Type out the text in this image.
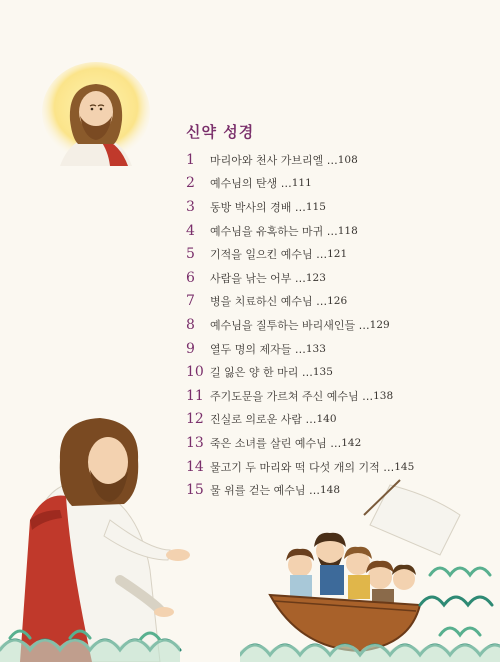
신약 성경
1	마리아와 천사 가브리엘 … 108
2	예수님의 탄생 … 111
3	동방 박사의 경배 … 115
4	예수님을 유혹하는 마귀 … 118
5	기적을 일으킨 예수님 … 121
6	사람을 낚는 어부 … 123
7	병을 치료하신 예수님 … 126
8	예수님을 질투하는 바리새인들 … 129
9	열두 명의 제자들 … 133
10 길 잃은 양 한 마리 … 135
11 주기도문을 가르쳐 주신 예수님 … 138
12 진실로 의로운 사람 … 140
13 죽은 소녀를 살린 예수님 … 142
14 물고기 두 마리와 떡 다섯 개의 기적 … 145
15 물 위를 걷는 예수님 … 148
